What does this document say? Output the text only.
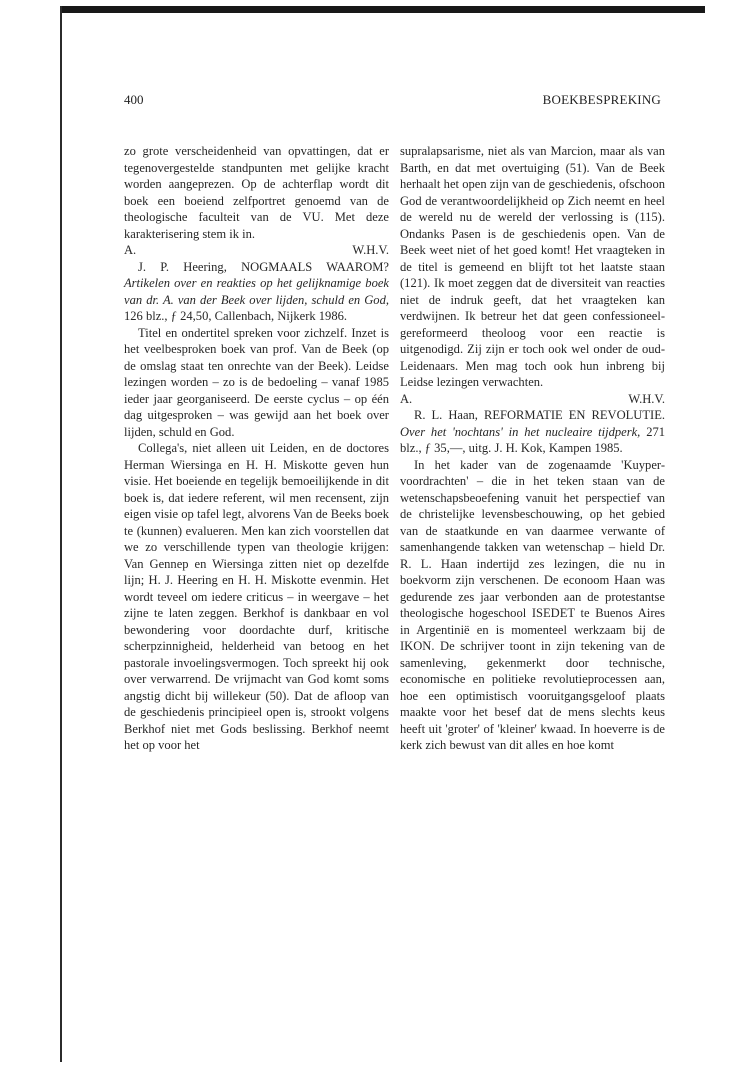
400	BOEKBESPREKING

zo grote verscheidenheid van opvattingen, dat er tegenovergestelde standpunten met gelijke kracht worden aangeprezen. Op de achterflap wordt dit boek een boeiend zelfportret genoemd van de theologische faculteit van de VU. Met deze karakterisering stem ik in.

A.	W.H.V.

J. P. Heering, NOGMAALS WAAROM? Artikelen over en reakties op het gelijknamige boek van dr. A. van der Beek over lijden, schuld en God, 126 blz., ƒ 24,50, Callenbach, Nijkerk 1986.

Titel en ondertitel spreken voor zichzelf. Inzet is het veelbesproken boek van prof. Van de Beek (op de omslag staat ten onrechte van der Beek). Leidse lezingen worden – zo is de bedoeling – vanaf 1985 ieder jaar georganiseerd. De eerste cyclus – op één dag uitgesproken – was gewijd aan het boek over lijden, schuld en God.

Collega's, niet alleen uit Leiden, en de doctores Herman Wiersinga en H. H. Miskotte geven hun visie. Het boeiende en tegelijk bemoeilijkende in dit boek is, dat iedere referent, wil men recensent, zijn eigen visie op tafel legt, alvorens Van de Beeks boek te (kunnen) evalueren. Men kan zich voorstellen dat we zo verschillende typen van theologie krijgen: Van Gennep en Wiersinga zitten niet op dezelfde lijn; H. J. Heering en H. H. Miskotte evenmin. Het wordt teveel om iedere criticus – in weergave – het zijne te laten zeggen. Berkhof is dankbaar en vol bewondering voor doordachte durf, kritische scherpzinnigheid, helderheid van betoog en het pastorale invoelingsvermogen. Toch spreekt hij ook over verwarrend. De vrijmacht van God komt soms angstig dicht bij willekeur (50). Dat de afloop van de geschiedenis principieel open is, strookt volgens Berkhof niet met Gods beslissing. Berkhof neemt het op voor het

supralapsarisme, niet als van Marcion, maar als van Barth, en dat met overtuiging (51). Van de Beek herhaalt het open zijn van de geschiedenis, ofschoon God de verantwoordelijkheid op Zich neemt en heel de wereld nu de wereld der verlossing is (115). Ondanks Pasen is de geschiedenis open. Van de Beek weet niet of het goed komt! Het vraagteken in de titel is gemeend en blijft tot het laatste staan (121). Ik moet zeggen dat de diversiteit van reacties niet de indruk geeft, dat het vraagteken kan verdwijnen. Ik betreur het dat geen confessioneel-gereformeerd theoloog voor een reactie is uitgenodigd. Zij zijn er toch ook wel onder de oud-Leidenaars. Men mag toch ook hun inbreng bij Leidse lezingen verwachten.

A.	W.H.V.

R. L. Haan, REFORMATIE EN REVOLUTIE. Over het 'nochtans' in het nucleaire tijdperk, 271 blz., ƒ 35,—, uitg. J. H. Kok, Kampen 1985.

In het kader van de zogenaamde 'Kuyper-voordrachten' – die in het teken staan van de wetenschapsbeoefening vanuit het perspectief van de christelijke levensbeschouwing, op het gebied van de staatkunde en van daarmee verwante of samenhangende takken van wetenschap – hield Dr. R. L. Haan indertijd zes lezingen, die nu in boekvorm zijn verschenen. De econoom Haan was gedurende zes jaar verbonden aan de protestantse theologische hogeschool ISEDET te Buenos Aires in Argentinië en is momenteel werkzaam bij de IKON. De schrijver toont in zijn tekening van de samenleving, gekenmerkt door technische, economische en politieke revolutieprocessen aan, hoe een optimistisch vooruitgangsgeloof plaats maakte voor het besef dat de mens slechts keus heeft uit 'groter' of 'kleiner' kwaad. In hoeverre is de kerk zich bewust van dit alles en hoe komt
